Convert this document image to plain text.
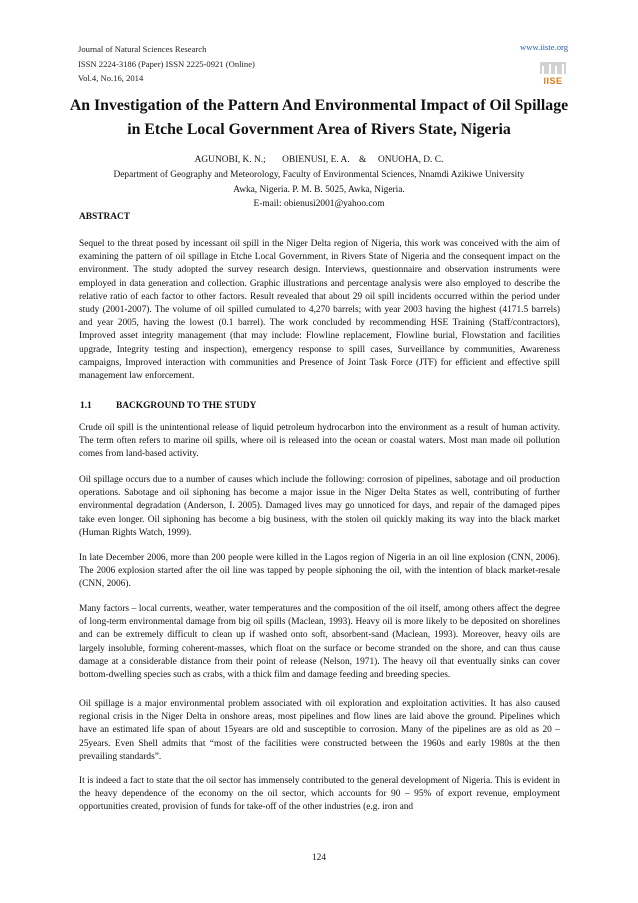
Journal of Natural Sciences Research
ISSN 2224-3186 (Paper) ISSN 2225-0921 (Online)
Vol.4, No.16, 2014
www.iiste.org
IISE
An Investigation of the Pattern And Environmental Impact of Oil Spillage in Etche Local Government Area of Rivers State, Nigeria
AGUNOBI, K. N.;       OBIENUSI, E. A.    &     ONUOHA, D. C.
Department of Geography and Meteorology, Faculty of Environmental Sciences, Nnamdi Azikiwe University
Awka, Nigeria. P. M. B. 5025, Awka, Nigeria.
E-mail: obienusi2001@yahoo.com
ABSTRACT

Sequel to the threat posed by incessant oil spill in the Niger Delta region of Nigeria, this work was conceived with the aim of examining the pattern of oil spillage in Etche Local Government, in Rivers State of Nigeria and the consequent impact on the environment. The study adopted the survey research design. Interviews, questionnaire and observation instruments were employed in data generation and collection. Graphic illustrations and percentage analysis were also employed to describe the relative ratio of each factor to other factors. Result revealed that about 29 oil spill incidents occurred within the period under study (2001-2007). The volume of oil spilled cumulated to 4,270 barrels; with year 2003 having the highest (4171.5 barrels) and year 2005, having the lowest (0.1 barrel). The work concluded by recommending HSE Training (Staff/contractors), Improved asset integrity management (that may include: Flowline replacement, Flowline burial, Flowstation and facilities upgrade, Integrity testing and inspection), emergency response to spill cases, Surveillance by communities, Awareness campaigns, Improved interaction with communities and Presence of Joint Task Force (JTF) for efficient and effective spill management law enforcement.

1.1	BACKGROUND TO THE STUDY

Crude oil spill is the unintentional release of liquid petroleum hydrocarbon into the environment as a result of human activity. The term often refers to marine oil spills, where oil is released into the ocean or coastal waters. Most man made oil pollution comes from land-based activity.

Oil spillage occurs due to a number of causes which include the following: corrosion of pipelines, sabotage and oil production operations. Sabotage and oil siphoning has become a major issue in the Niger Delta States as well, contributing of further environmental degradation (Anderson, I. 2005). Damaged lives may go unnoticed for days, and repair of the damaged pipes take even longer. Oil siphoning has become a big business, with the stolen oil quickly making its way into the black market (Human Rights Watch, 1999).

In late December 2006, more than 200 people were killed in the Lagos region of Nigeria in an oil line explosion (CNN, 2006). The 2006 explosion started after the oil line was tapped by people siphoning the oil, with the intention of black market-resale (CNN, 2006).

Many factors – local currents, weather, water temperatures and the composition of the oil itself, among others affect the degree of long-term environmental damage from big oil spills (Maclean, 1993). Heavy oil is more likely to be deposited on shorelines and can be extremely difficult to clean up if washed onto soft, absorbent-sand (Maclean, 1993). Moreover, heavy oils are largely insoluble, forming coherent-masses, which float on the surface or become stranded on the shore, and can thus cause damage at a considerable distance from their point of release (Nelson, 1971). The heavy oil that eventually sinks can cover bottom-dwelling species such as crabs, with a thick film and damage feeding and breeding species.

Oil spillage is a major environmental problem associated with oil exploration and exploitation activities. It has also caused regional crisis in the Niger Delta in onshore areas, most pipelines and flow lines are laid above the ground. Pipelines which have an estimated life span of about 15years are old and susceptible to corrosion. Many of the pipelines are as old as 20 – 25years. Even Shell admits that “most of the facilities were constructed between the 1960s and early 1980s at the then prevailing standards”.

It is indeed a fact to state that the oil sector has immensely contributed to the general development of Nigeria. This is evident in the heavy dependence of the economy on the oil sector, which accounts for 90 – 95% of export revenue, employment opportunities created, provision of funds for take-off of the other industries (e.g. iron and

124
